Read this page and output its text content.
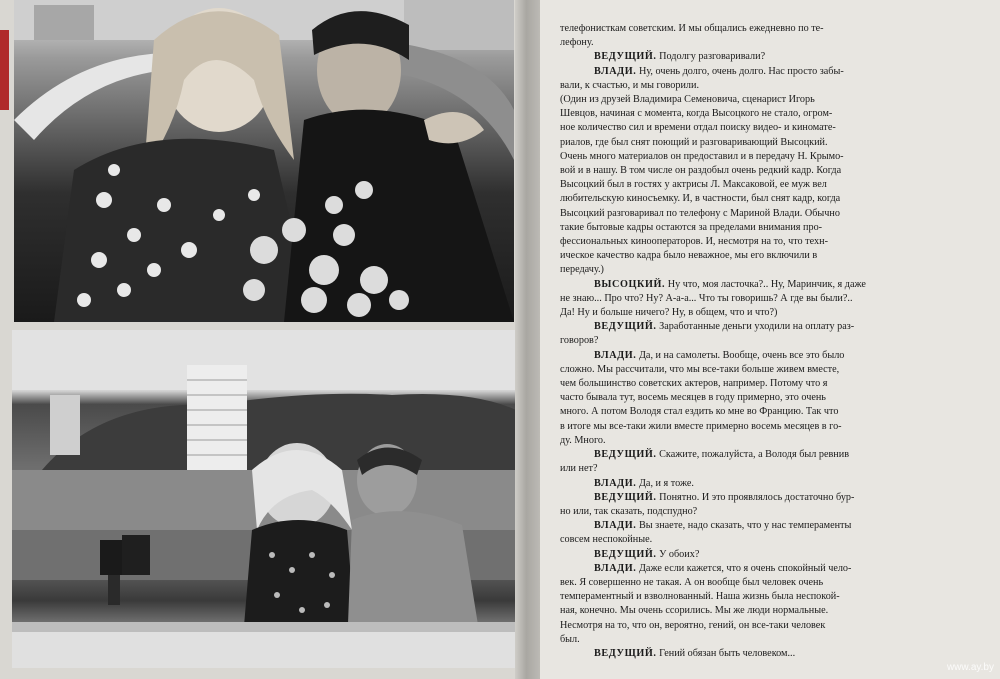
телефонисткам советским. И мы общались ежедневно по те-

лефону.

ВЕДУЩИЙ. Подолгу разговаривали?

ВЛАДИ. Ну, очень долго, очень долго. Нас просто забы-

вали, к счастью, и мы говорили.

(Один из друзей Владимира Семеновича, сценарист Игорь

Шевцов, начиная с момента, когда Высоцкого не стало, огром-

ное количество сил и времени отдал поиску видео- и киномате-

риалов, где был снят поющий и разговаривающий Высоцкий.

Очень много материалов он предоставил и в передачу Н. Крымо-

вой и в нашу. В том числе он раздобыл очень редкий кадр. Когда

Высоцкий был в гостях у актрисы Л. Максаковой, ее муж вел

любительскую киносъемку. И, в частности, был снят кадр, когда

Высоцкий разговаривал по телефону с Мариной Влади. Обычно

такие бытовые кадры остаются за пределами внимания про-

фессиональных кинооператоров. И, несмотря на то, что техн-

ическое качество кадра было неважное, мы его включили в

передачу.)

ВЫСОЦКИЙ. Ну что, моя ласточка?.. Ну, Маринчик, я даже

не знаю... Про что? Ну? А-а-а... Что ты говоришь? А где вы были?..

Да! Ну и больше ничего? Ну, в общем, что и что?)

ВЕДУЩИЙ. Заработанные деньги уходили на оплату раз-

говоров?

ВЛАДИ. Да, и на самолеты. Вообще, очень все это было

сложно. Мы рассчитали, что мы все-таки больше живем вместе,

чем большинство советских актеров, например. Потому что я

часто бывала тут, восемь месяцев в году примерно, это очень

много. А потом Володя стал ездить ко мне во Францию. Так что

в итоге мы все-таки жили вместе примерно восемь месяцев в го-

ду. Много.

ВЕДУЩИЙ. Скажите, пожалуйста, а Володя был ревнив

или нет?

ВЛАДИ. Да, и я тоже.

ВЕДУЩИЙ. Понятно. И это проявлялось достаточно бур-

но или, так сказать, подспудно?

ВЛАДИ. Вы знаете, надо сказать, что у нас темпераменты

совсем неспокойные.

ВЕДУЩИЙ. У обоих?

ВЛАДИ. Даже если кажется, что я очень спокойный чело-

век. Я совершенно не такая. А он вообще был человек очень

темпераментный и взволнованный. Наша жизнь была неспокой-

ная, конечно. Мы очень ссорились. Мы же люди нормальные.

Несмотря на то, что он, вероятно, гений, он все-таки человек

был.

ВЕДУЩИЙ. Гений обязан быть человеком...

www.ay.by
